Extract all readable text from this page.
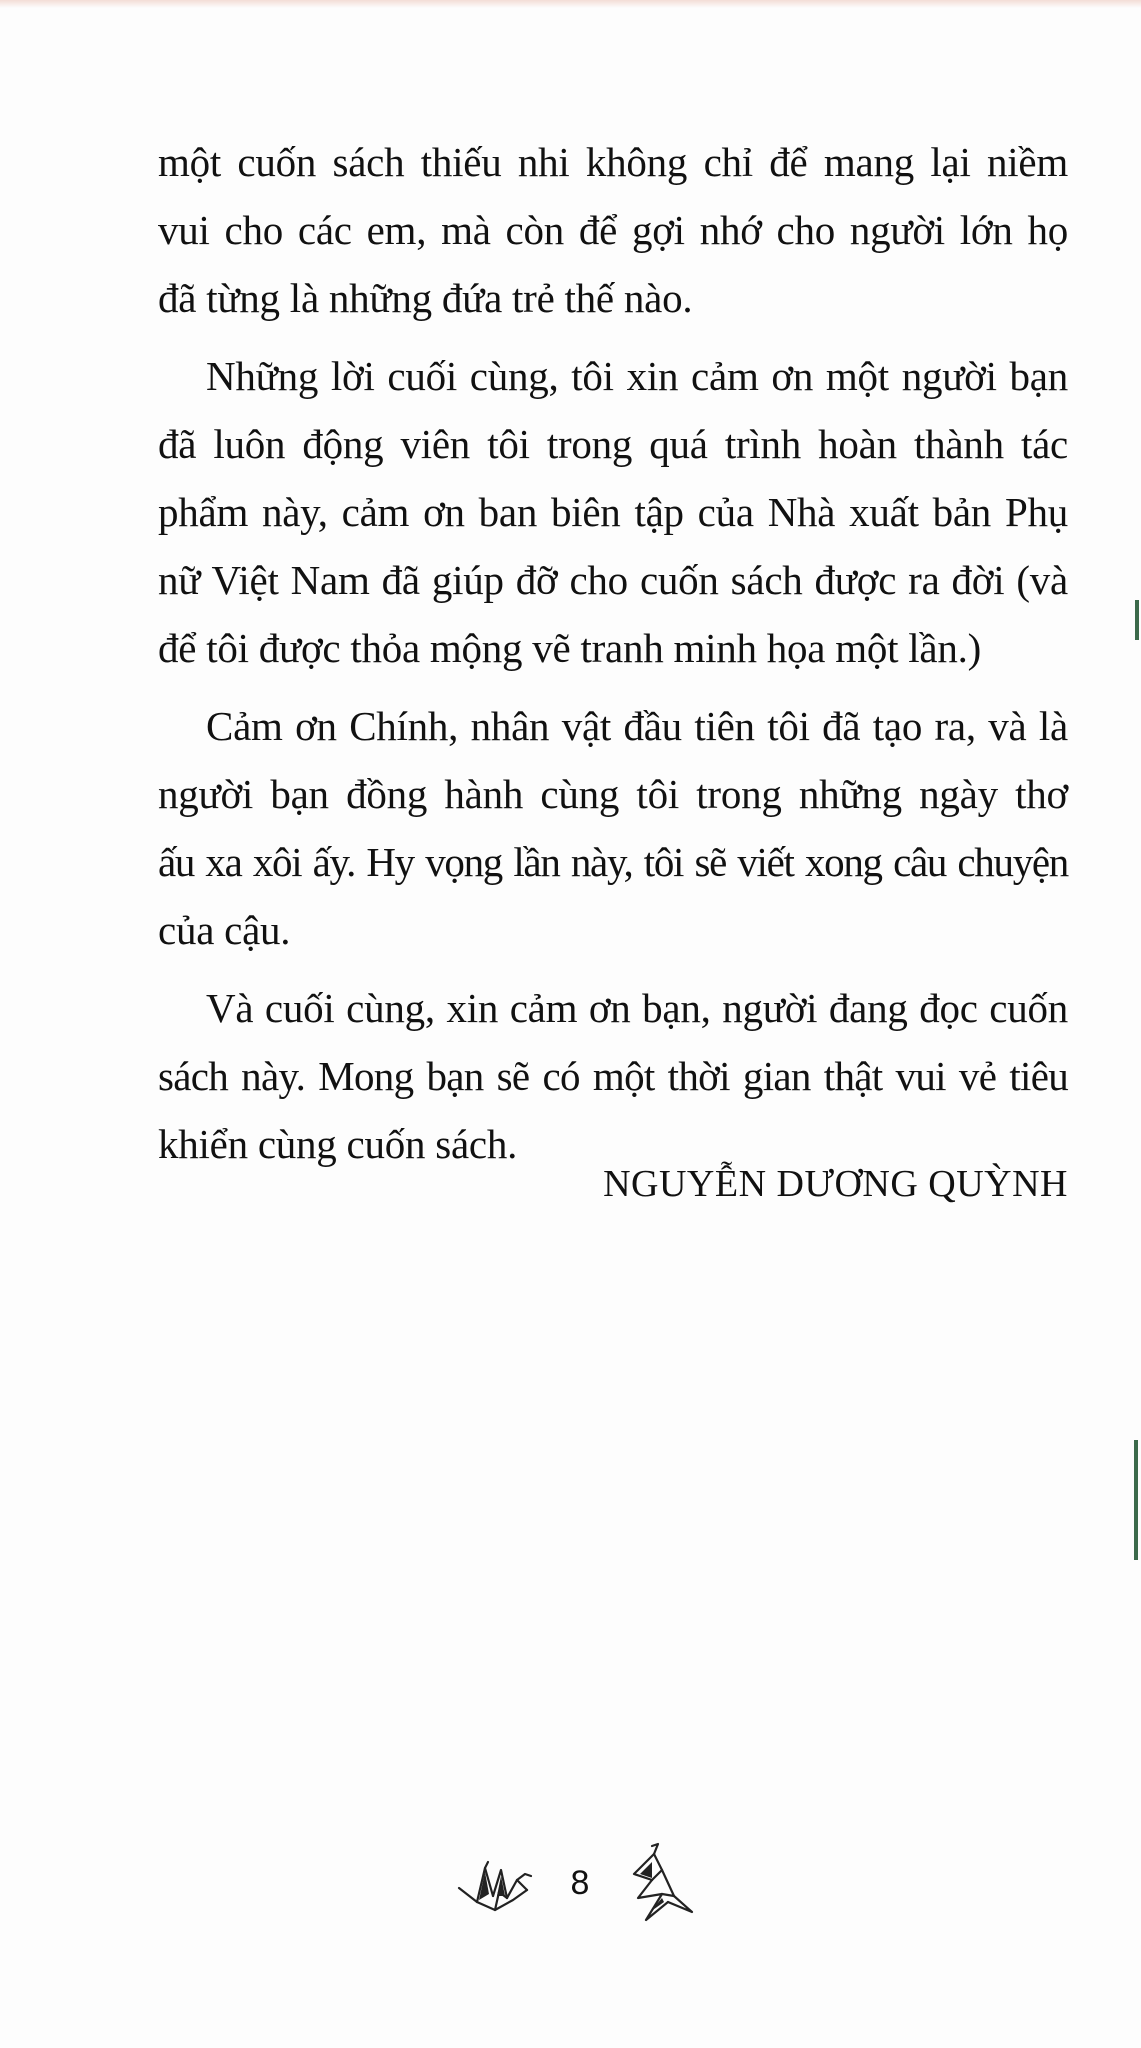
một cuốn sách thiếu nhi không chỉ để mang lại niềm
vui cho các em, mà còn để gợi nhớ cho người lớn họ
đã từng là những đứa trẻ thế nào.

Những lời cuối cùng, tôi xin cảm ơn một người bạn
đã luôn động viên tôi trong quá trình hoàn thành tác
phẩm này, cảm ơn ban biên tập của Nhà xuất bản Phụ
nữ Việt Nam đã giúp đỡ cho cuốn sách được ra đời (và
để tôi được thỏa mộng vẽ tranh minh họa một lần.)

Cảm ơn Chính, nhân vật đầu tiên tôi đã tạo ra, và là
người bạn đồng hành cùng tôi trong những ngày thơ
ấu xa xôi ấy. Hy vọng lần này, tôi sẽ viết xong câu chuyện
của cậu.

Và cuối cùng, xin cảm ơn bạn, người đang đọc cuốn
sách này. Mong bạn sẽ có một thời gian thật vui vẻ tiêu
khiển cùng cuốn sách.

NGUYỄN DƯƠNG QUỲNH
8
